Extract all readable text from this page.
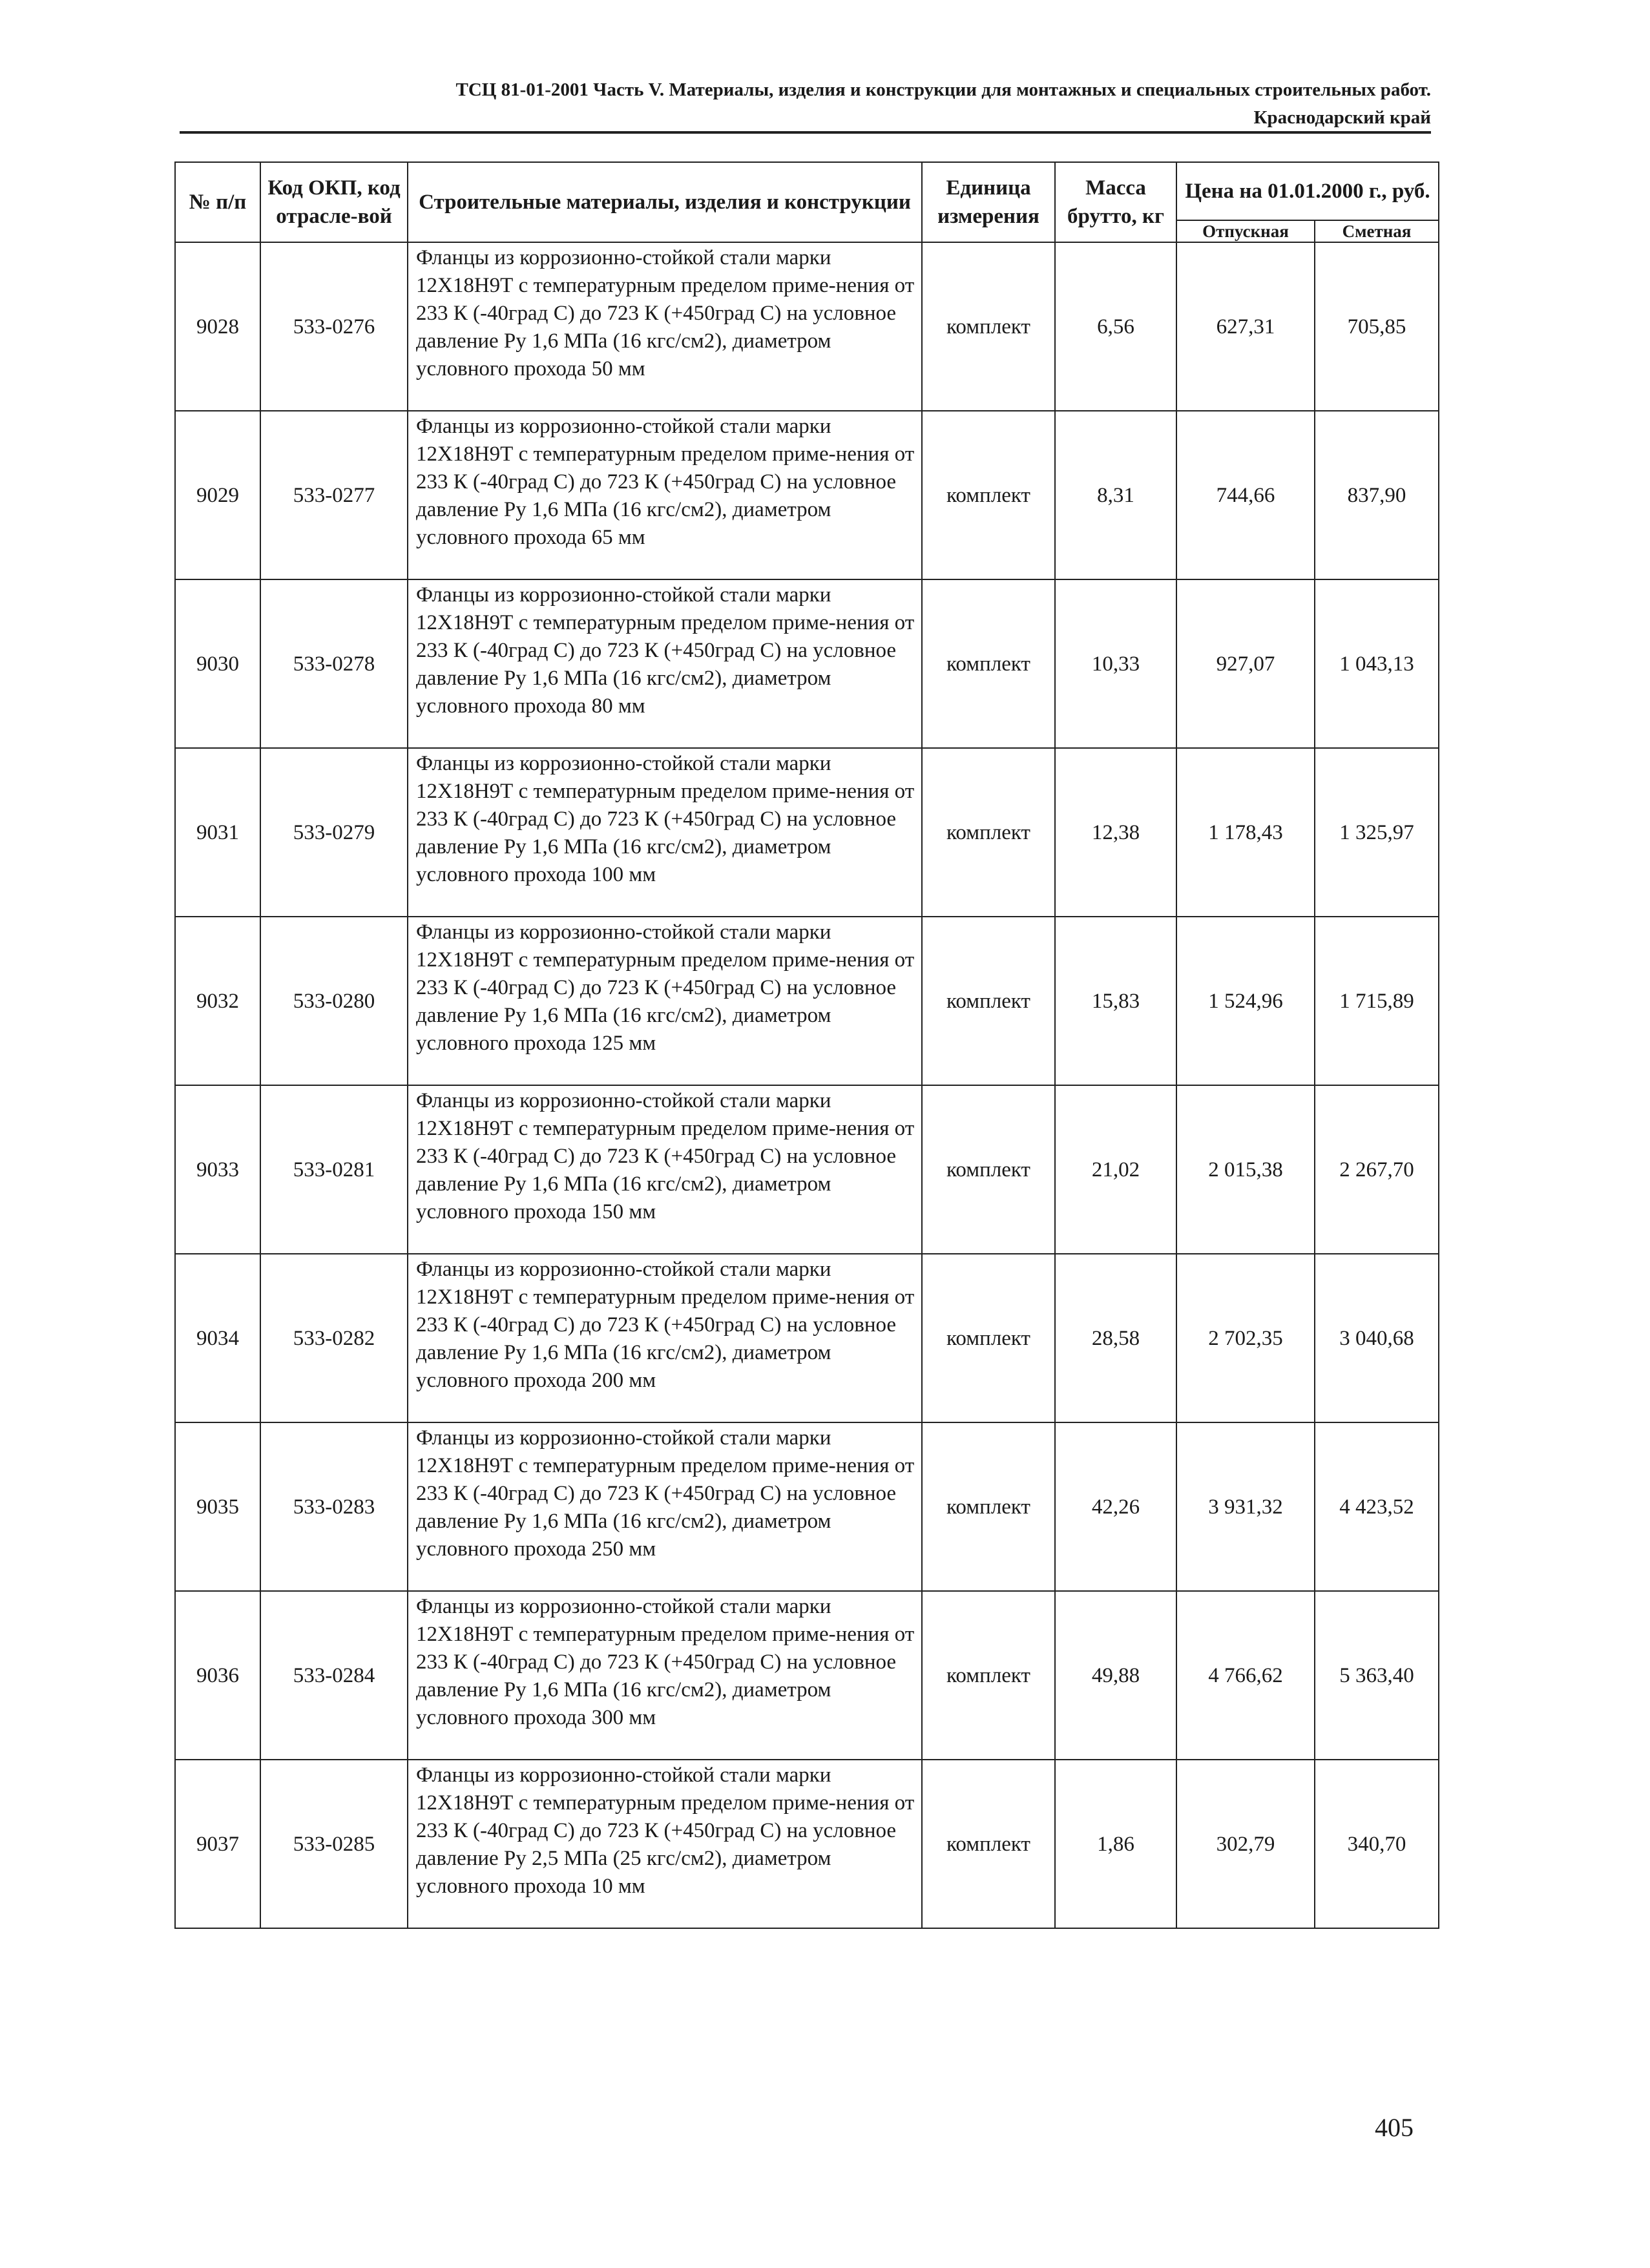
ТСЦ 81-01-2001 Часть V. Материалы, изделия и конструкции для монтажных и специальных строительных работ.
Краснодарский край
№ п/п	Код ОКП, код отрасле-вой	Строительные материалы, изделия и конструкции	Единица измерения	Масса брутто, кг	Цена на 01.01.2000 г., руб.	
					Отпускная	Сметная
9028	533-0276	Фланцы из коррозионно-стойкой стали марки 12Х18Н9Т с температурным пределом приме-нения от 233 К (-40град С) до 723 К (+450град С) на условное давление Ру 1,6 МПа (16 кгс/см2), диаметром условного прохода 50 мм	комплект	6,56	627,31	705,85
9029	533-0277	Фланцы из коррозионно-стойкой стали марки 12Х18Н9Т с температурным пределом приме-нения от 233 К (-40град С) до 723 К (+450град С) на условное давление Ру 1,6 МПа (16 кгс/см2), диаметром условного прохода 65 мм	комплект	8,31	744,66	837,90
9030	533-0278	Фланцы из коррозионно-стойкой стали марки 12Х18Н9Т с температурным пределом приме-нения от 233 К (-40град С) до 723 К (+450град С) на условное давление Ру 1,6 МПа (16 кгс/см2), диаметром условного прохода 80 мм	комплект	10,33	927,07	1 043,13
9031	533-0279	Фланцы из коррозионно-стойкой стали марки 12Х18Н9Т с температурным пределом приме-нения от 233 К (-40град С) до 723 К (+450град С) на условное давление Ру 1,6 МПа (16 кгс/см2), диаметром условного прохода 100 мм	комплект	12,38	1 178,43	1 325,97
9032	533-0280	Фланцы из коррозионно-стойкой стали марки 12Х18Н9Т с температурным пределом приме-нения от 233 К (-40град С) до 723 К (+450град С) на условное давление Ру 1,6 МПа (16 кгс/см2), диаметром условного прохода 125 мм	комплект	15,83	1 524,96	1 715,89
9033	533-0281	Фланцы из коррозионно-стойкой стали марки 12Х18Н9Т с температурным пределом приме-нения от 233 К (-40град С) до 723 К (+450град С) на условное давление Ру 1,6 МПа (16 кгс/см2), диаметром условного прохода 150 мм	комплект	21,02	2 015,38	2 267,70
9034	533-0282	Фланцы из коррозионно-стойкой стали марки 12Х18Н9Т с температурным пределом приме-нения от 233 К (-40град С) до 723 К (+450град С) на условное давление Ру 1,6 МПа (16 кгс/см2), диаметром условного прохода 200 мм	комплект	28,58	2 702,35	3 040,68
9035	533-0283	Фланцы из коррозионно-стойкой стали марки 12Х18Н9Т с температурным пределом приме-нения от 233 К (-40град С) до 723 К (+450град С) на условное давление Ру 1,6 МПа (16 кгс/см2), диаметром условного прохода 250 мм	комплект	42,26	3 931,32	4 423,52
9036	533-0284	Фланцы из коррозионно-стойкой стали марки 12Х18Н9Т с температурным пределом приме-нения от 233 К (-40град С) до 723 К (+450град С) на условное давление Ру 1,6 МПа (16 кгс/см2), диаметром условного прохода 300 мм	комплект	49,88	4 766,62	5 363,40
9037	533-0285	Фланцы из коррозионно-стойкой стали марки 12Х18Н9Т с температурным пределом приме-нения от 233 К (-40град С) до 723 К (+450град С) на условное давление Ру 2,5 МПа (25 кгс/см2), диаметром условного прохода 10 мм	комплект	1,86	302,79	340,70
405
